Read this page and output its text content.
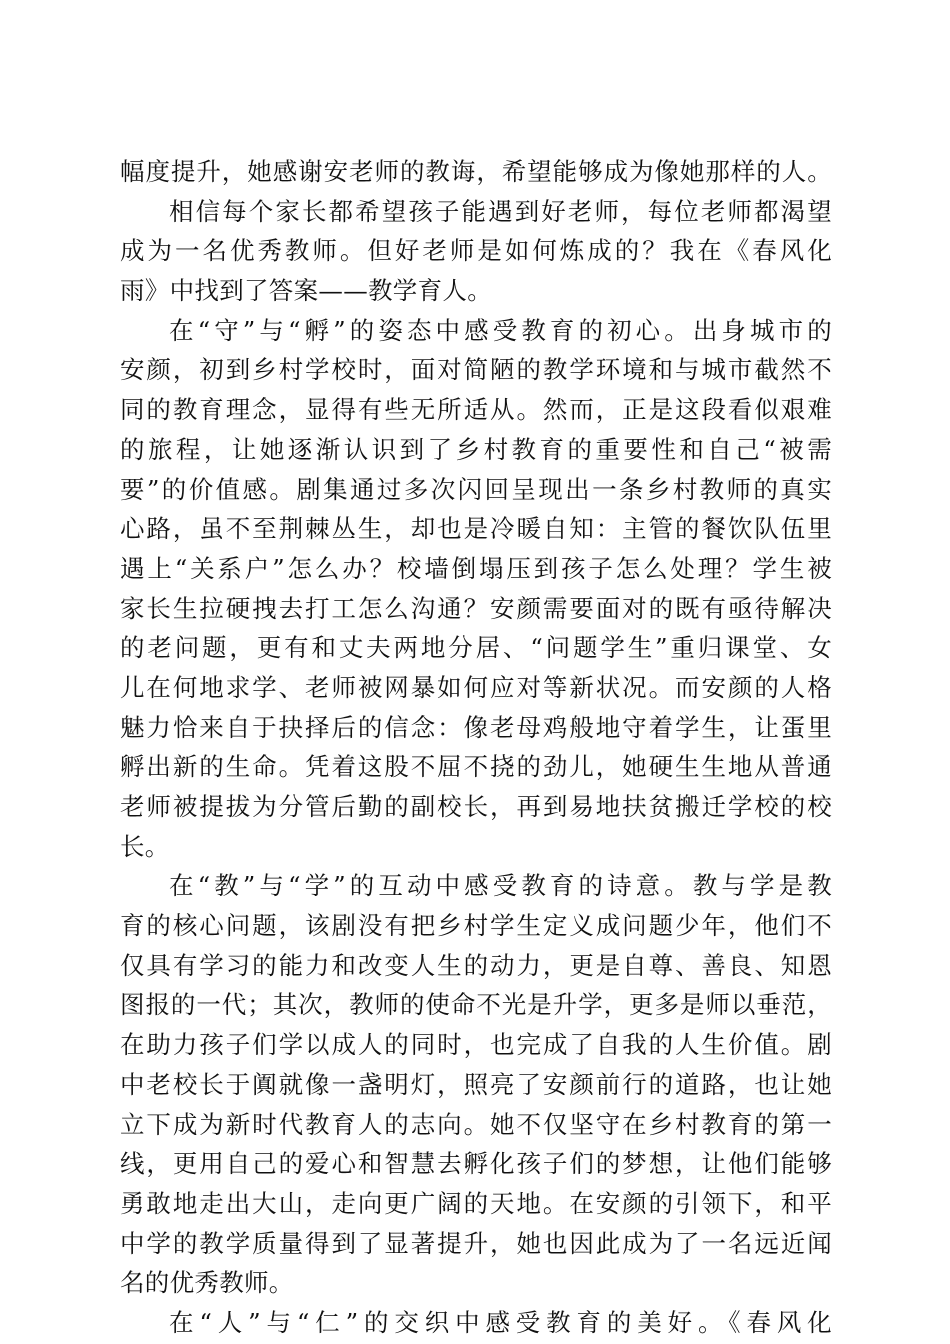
幅度提升，她感谢安老师的教诲，希望能够成为像她那样的人。
相信每个家长都希望孩子能遇到好老师，每位老师都渴望
成为一名优秀教师。但好老师是如何炼成的？我在《春风化
雨》中找到了答案——教学育人。
在“守”与“孵”的姿态中感受教育的初心。出身城市的
安颜，初到乡村学校时，面对简陋的教学环境和与城市截然不
同的教育理念，显得有些无所适从。然而，正是这段看似艰难
的旅程，让她逐渐认识到了乡村教育的重要性和自己“被需
要”的价值感。剧集通过多次闪回呈现出一条乡村教师的真实
心路，虽不至荆棘丛生，却也是冷暖自知：主管的餐饮队伍里
遇上“关系户”怎么办？校墙倒塌压到孩子怎么处理？学生被
家长生拉硬拽去打工怎么沟通？安颜需要面对的既有亟待解决
的老问题，更有和丈夫两地分居、“问题学生”重归课堂、女
儿在何地求学、老师被网暴如何应对等新状况。而安颜的人格
魅力恰来自于抉择后的信念：像老母鸡般地守着学生，让蛋里
孵出新的生命。凭着这股不屈不挠的劲儿，她硬生生地从普通
老师被提拔为分管后勤的副校长，再到易地扶贫搬迁学校的校
长。
在“教”与“学”的互动中感受教育的诗意。教与学是教
育的核心问题，该剧没有把乡村学生定义成问题少年，他们不
仅具有学习的能力和改变人生的动力，更是自尊、善良、知恩
图报的一代；其次，教师的使命不光是升学，更多是师以垂范，
在助力孩子们学以成人的同时，也完成了自我的人生价值。剧
中老校长于阗就像一盏明灯，照亮了安颜前行的道路，也让她
立下成为新时代教育人的志向。她不仅坚守在乡村教育的第一
线，更用自己的爱心和智慧去孵化孩子们的梦想，让他们能够
勇敢地走出大山，走向更广阔的天地。在安颜的引领下，和平
中学的教学质量得到了显著提升，她也因此成为了一名远近闻
名的优秀教师。
在“人”与“仁”的交织中感受教育的美好。《春风化
